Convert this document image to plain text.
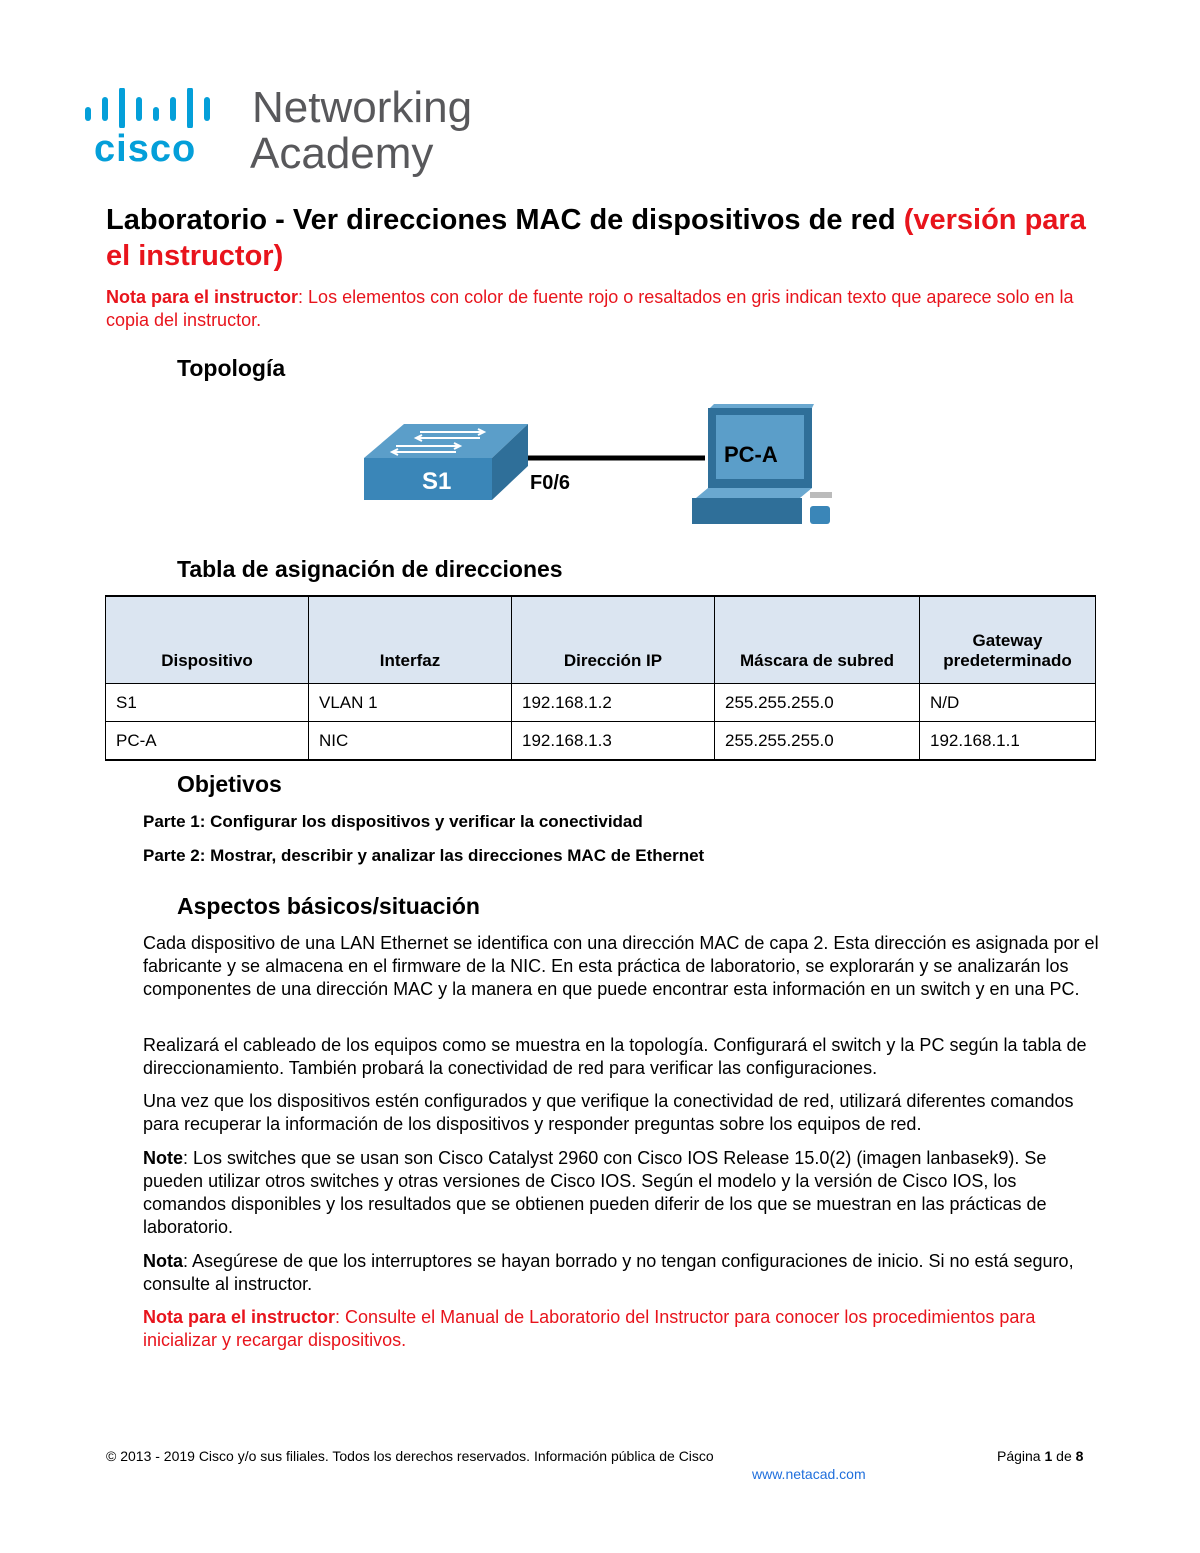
cisco
Networking
Academy
Laboratorio - Ver direcciones MAC de dispositivos de red (versión para el instructor)
Nota para el instructor: Los elementos con color de fuente rojo o resaltados en gris indican texto que aparece solo en la copia del instructor.
Topología
S1	F0/6
PC-A
Tabla de asignación de direcciones
Dispositivo	Interfaz	Dirección IP	Máscara de subred	Gateway predeterminado
S1	VLAN 1	192.168.1.2	255.255.255.0	N/D
PC-A	NIC	192.168.1.3	255.255.255.0	192.168.1.1
Objetivos
Parte 1: Configurar los dispositivos y verificar la conectividad
Parte 2: Mostrar, describir y analizar las direcciones MAC de Ethernet
Aspectos básicos/situación
Cada dispositivo de una LAN Ethernet se identifica con una dirección MAC de capa 2. Esta dirección es asignada por el fabricante y se almacena en el firmware de la NIC. En esta práctica de laboratorio, se explorarán y se analizarán los componentes de una dirección MAC y la manera en que puede encontrar esta información en un switch y en una PC.
Realizará el cableado de los equipos como se muestra en la topología. Configurará el switch y la PC según la tabla de direccionamiento. También probará la conectividad de red para verificar las configuraciones.
Una vez que los dispositivos estén configurados y que verifique la conectividad de red, utilizará diferentes comandos para recuperar la información de los dispositivos y responder preguntas sobre los equipos de red.
Note: Los switches que se usan son Cisco Catalyst 2960 con Cisco IOS Release 15.0(2) (imagen lanbasek9). Se pueden utilizar otros switches y otras versiones de Cisco IOS. Según el modelo y la versión de Cisco IOS, los comandos disponibles y los resultados que se obtienen pueden diferir de los que se muestran en las prácticas de laboratorio.
Nota: Asegúrese de que los interruptores se hayan borrado y no tengan configuraciones de inicio. Si no está seguro, consulte al instructor.
Nota para el instructor: Consulte el Manual de Laboratorio del Instructor para conocer los procedimientos para inicializar y recargar dispositivos.
© 2013 - 2019 Cisco y/o sus filiales. Todos los derechos reservados. Información pública de Cisco	Página 1 de 8
www.netacad.com
